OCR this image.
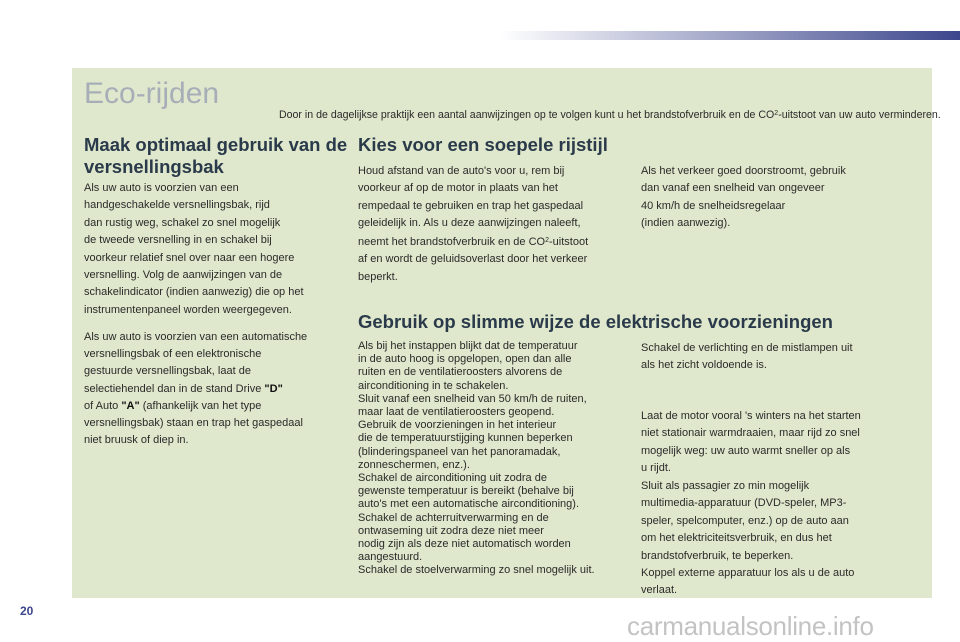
Eco-rijden
Door in de dagelijkse praktijk een aantal aanwijzingen op te volgen kunt u het brandstofverbruik en de $CO^2$-uitstoot van uw auto verminderen.
Maak optimaal gebruik van de versnellingsbak
Als uw auto is voorzien van een
handgeschakelde versnellingsbak, rijd
dan rustig weg, schakel zo snel mogelijk
de tweede versnelling in en schakel bij
voorkeur relatief snel over naar een hogere
versnelling. Volg de aanwijzingen van de
schakelindicator (indien aanwezig) die op het
instrumentenpaneel worden weergegeven.
Als uw auto is voorzien van een automatische
versnellingsbak of een elektronische
gestuurde versnellingsbak, laat de
selectiehendel dan in de stand Drive "D"
of Auto "A" (afhankelijk van het type
versnellingsbak) staan en trap het gaspedaal
niet bruusk of diep in.
Kies voor een soepele rijstijl
Houd afstand van de auto's voor u, rem bij
voorkeur af op de motor in plaats van het
rempedaal te gebruiken en trap het gaspedaal
geleidelijk in. Als u deze aanwijzingen naleeft,
neemt het brandstofverbruik en de $CO^2$-uitstoot
af en wordt de geluidsoverlast door het verkeer
beperkt.
Als het verkeer goed doorstroomt, gebruik
dan vanaf een snelheid van ongeveer
40 km/h de snelheidsregelaar
(indien aanwezig).
Gebruik op slimme wijze de elektrische voorzieningen
Als bij het instappen blijkt dat de temperatuur
in de auto hoog is opgelopen, open dan alle
ruiten en de ventilatieroosters alvorens de
airconditioning in te schakelen.
Sluit vanaf een snelheid van 50 km/h de ruiten,
maar laat de ventilatieroosters geopend.
Gebruik de voorzieningen in het interieur
die de temperatuurstijging kunnen beperken
(blinderingspaneel van het panoramadak,
zonneschermen, enz.).
Schakel de airconditioning uit zodra de
gewenste temperatuur is bereikt (behalve bij
auto's met een automatische airconditioning).
Schakel de achterruitverwarming en de
ontwaseming uit zodra deze niet meer
nodig zijn als deze niet automatisch worden
aangestuurd.
Schakel de stoelverwarming zo snel mogelijk uit.
Schakel de verlichting en de mistlampen uit
als het zicht voldoende is.
Laat de motor vooral 's winters na het starten
niet stationair warmdraaien, maar rijd zo snel
mogelijk weg: uw auto warmt sneller op als
u rijdt.
Sluit als passagier zo min mogelijk
multimedia-apparatuur (DVD-speler, MP3-
speler, spelcomputer, enz.) op de auto aan
om het elektriciteitsverbruik, en dus het
brandstofverbruik, te beperken.
Koppel externe apparatuur los als u de auto
verlaat.
20	carmanualsonline.info
